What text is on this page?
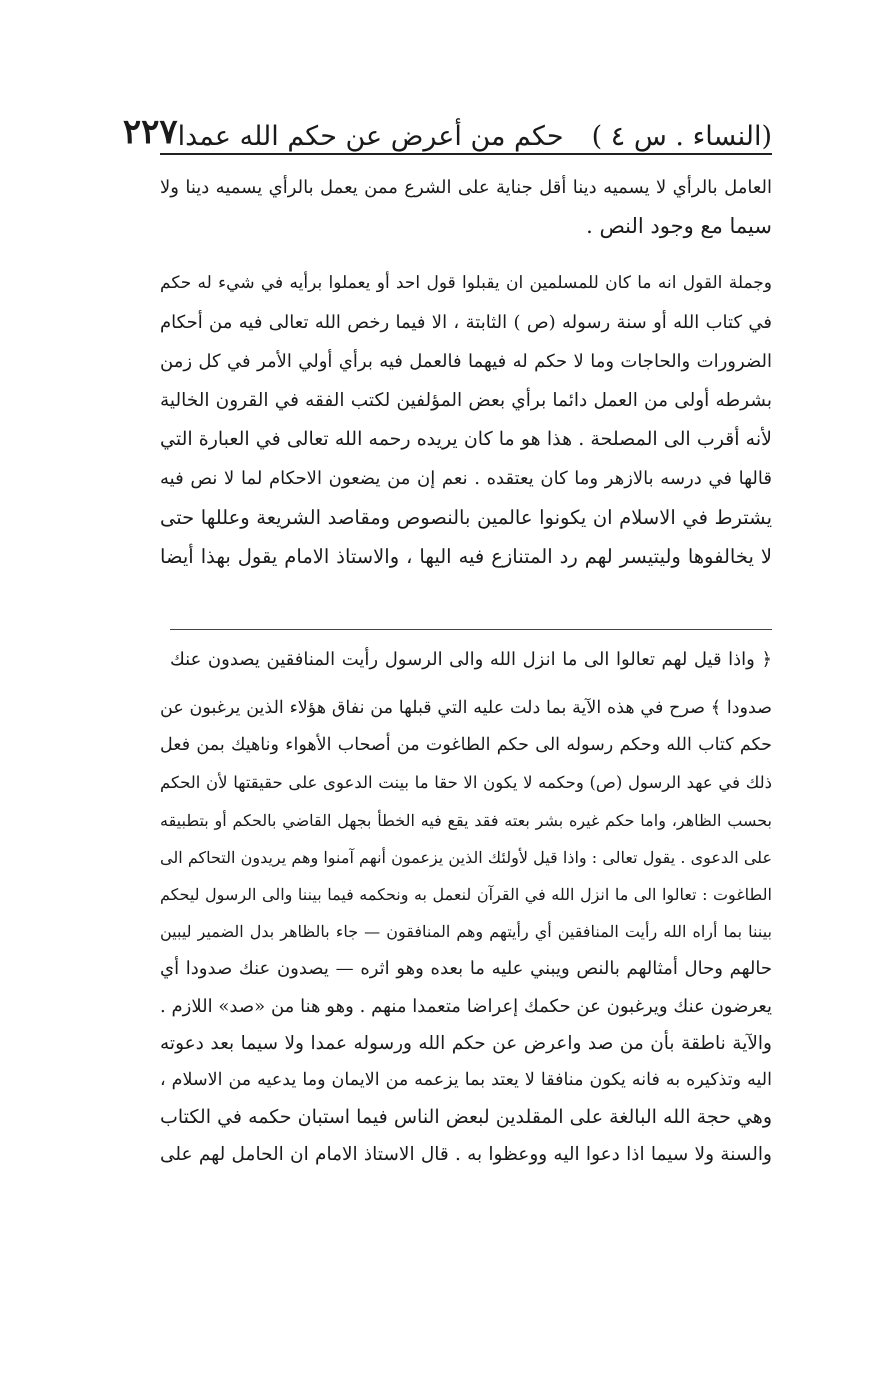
(النساء . س ٤ )
حكم من أعرض عن حكم الله عمدا
٢٢٧
العامل بالرأي لا يسميه دينا أقل جناية على الشرع ممن يعمل بالرأي يسميه دينا ولا
سيما مع وجود النص .
وجملة القول انه ما كان للمسلمين ان يقبلوا قول احد أو يعملوا برأيه في شيء له حكم
في كتاب الله أو سنة رسوله (ص ) الثابتة ، الا فيما رخص الله تعالى فيه من أحكام
الضرورات والحاجات وما لا حكم له فيهما فالعمل فيه برأي أولي الأمر في كل زمن
بشرطه أولى من العمل دائما برأي بعض المؤلفين لكتب الفقه في القرون الخالية
لأنه أقرب الى المصلحة . هذا هو ما كان يريده رحمه الله تعالى في العبارة التي
قالها في درسه بالازهر وما كان يعتقده . نعم إن من يضعون الاحكام لما لا نص فيه
يشترط في الاسلام ان يكونوا عالمين بالنصوص ومقاصد الشريعة وعللها حتى
لا يخالفوها وليتيسر لهم رد المتنازع فيه اليها ، والاستاذ الامام يقول بهذا أيضا
﴿ واذا قيل لهم تعالوا الى ما انزل الله والى الرسول رأيت المنافقين يصدون عنك
صدودا ﴾ صرح في هذه الآية بما دلت عليه التي قبلها من نفاق هؤلاء الذين يرغبون عن
حكم كتاب الله وحكم رسوله الى حكم الطاغوت من أصحاب الأهواء وناهيك بمن فعل
ذلك في عهد الرسول (ص) وحكمه لا يكون الا حقا ما بينت الدعوى على حقيقتها لأن الحكم
بحسب الظاهر، واما حكم غيره بشر بعته فقد يقع فيه الخطأ بجهل القاضي بالحكم أو بتطبيقه
على الدعوى . يقول تعالى : واذا قيل لأولئك الذين يزعمون أنهم آمنوا وهم يريدون التحاكم الى
الطاغوت : تعالوا الى ما انزل الله في القرآن لنعمل به ونحكمه فيما بيننا والى الرسول ليحكم
بيننا بما أراه الله رأيت المنافقين أي رأيتهم وهم المنافقون — جاء بالظاهر بدل الضمير ليبين
حالهم وحال أمثالهم بالنص ويبني عليه ما بعده وهو اثره — يصدون عنك صدودا أي
يعرضون عنك ويرغبون عن حكمك إعراضا متعمدا منهم . وهو هنا من «صد» اللازم .
والآية ناطقة بأن من صد واعرض عن حكم الله ورسوله عمدا ولا سيما بعد دعوته
اليه وتذكيره به فانه يكون منافقا لا يعتد بما يزعمه من الايمان وما يدعيه من الاسلام ،
وهي حجة الله البالغة على المقلدين لبعض الناس فيما استبان حكمه في الكتاب
والسنة ولا سيما اذا دعوا اليه ووعظوا به . قال الاستاذ الامام ان الحامل لهم على
